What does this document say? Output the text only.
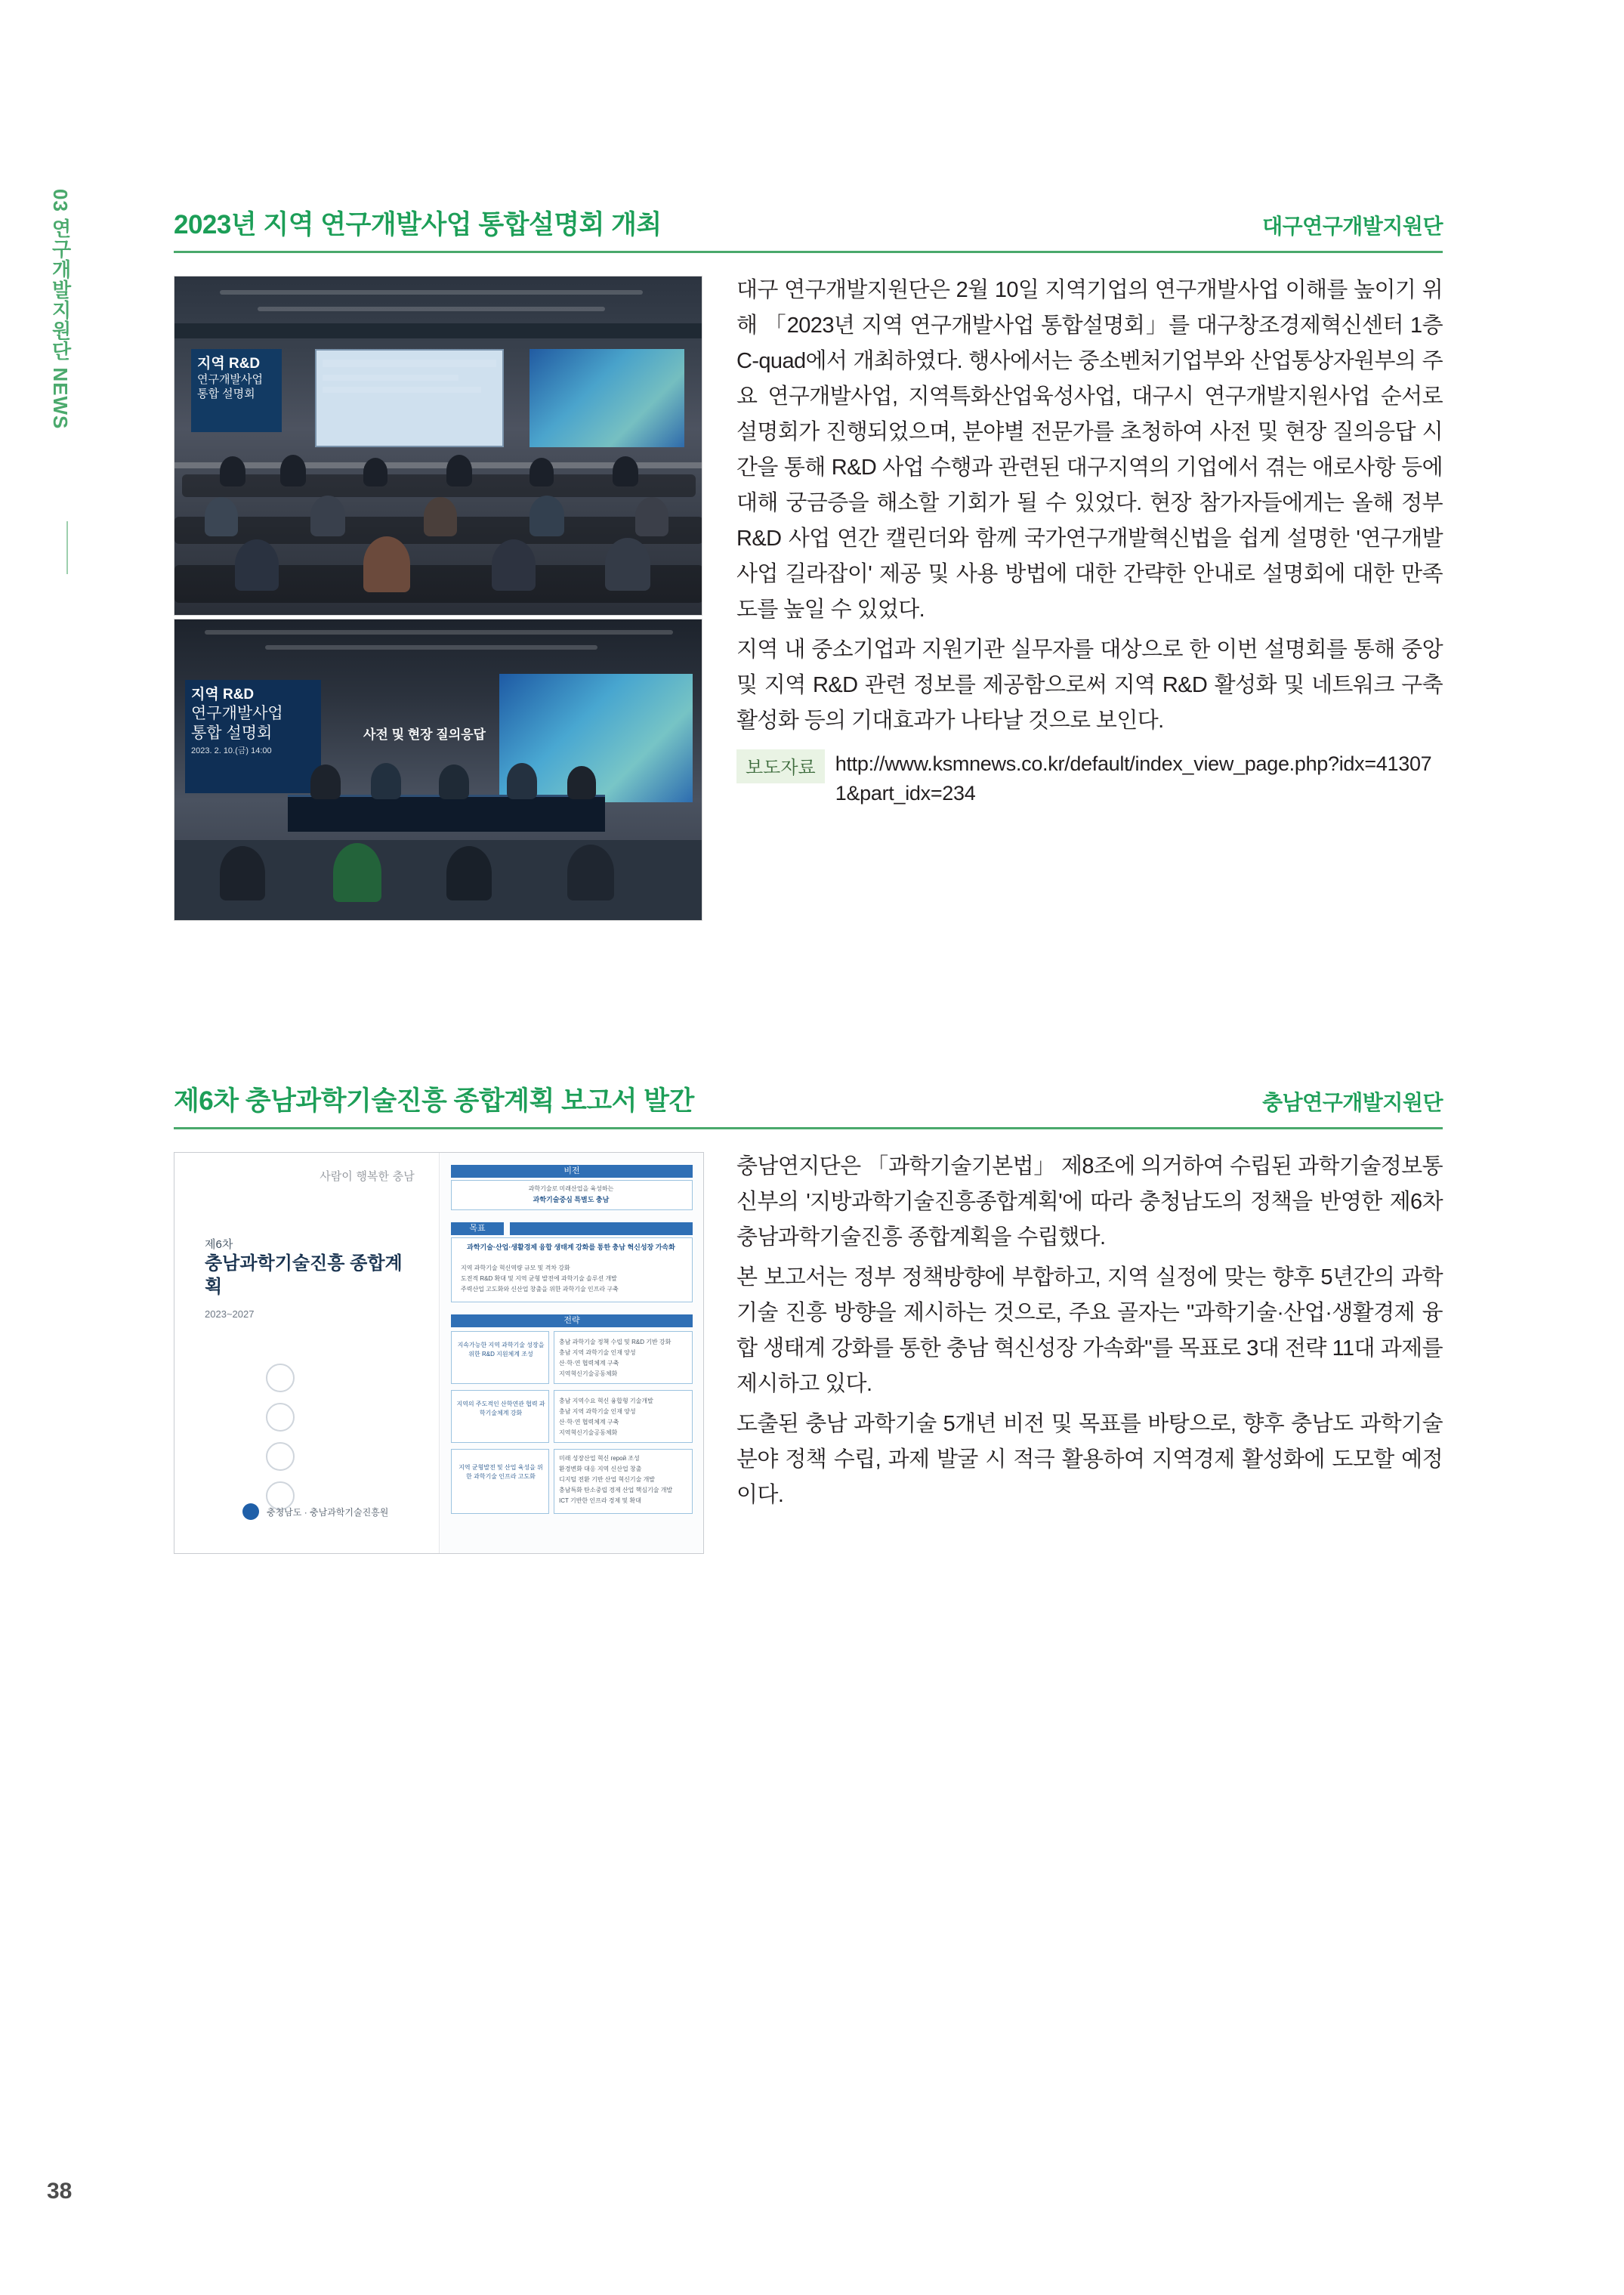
03 연구개발지원단 NEWS
38
2023년 지역 연구개발사업 통합설명회 개최	대구연구개발지원단
지역 R&D
연구개발사업
통합 설명회
지역 R&D
연구개발사업
통합 설명회
2023. 2. 10.(금) 14:00
사전 및 현장 질의응답

대구 연구개발지원단은 2월 10일 지역기업의 연구개발사업 이해를 높이기 위해 「2023년 지역 연구개발사업 통합설명회」를 대구창조경제혁신센터 1층 C-quad에서 개최하였다. 행사에서는 중소벤처기업부와 산업통상자원부의 주요 연구개발사업, 지역특화산업육성사업, 대구시 연구개발지원사업 순서로 설명회가 진행되었으며, 분야별 전문가를 초청하여 사전 및 현장 질의응답 시간을 통해 R&D 사업 수행과 관련된 대구지역의 기업에서 겪는 애로사항 등에 대해 궁금증을 해소할 기회가 될 수 있었다. 현장 참가자들에게는 올해 정부 R&D 사업 연간 캘린더와 함께 국가연구개발혁신법을 쉽게 설명한 '연구개발사업 길라잡이' 제공 및 사용 방법에 대한 간략한 안내로 설명회에 대한 만족도를 높일 수 있었다.

지역 내 중소기업과 지원기관 실무자를 대상으로 한 이번 설명회를 통해 중앙 및 지역 R&D 관련 정보를 제공함으로써 지역 R&D 활성화 및 네트워크 구축 활성화 등의 기대효과가 나타날 것으로 보인다.

보도자료 http://www.ksmnews.co.kr/default/index_view_page.php?idx=413071&part_idx=234
제6차 충남과학기술진흥 종합계획 보고서 발간	충남연구개발지원단
사람이 행복한 충남
제6차
충남과학기술진흥 종합계획
2023~2027
충청남도 · 충남과학기술진흥원
비전
과학기술로 미래산업을 육성하는
과학기술중심 특별도 충남
목표

과학기술·산업·생활경제 융합 생태계 강화를 통한 충남 혁신성장 가속화
지역 과학기술 혁신역량 규모 및 격차 강화
도전적 R&D 확대 및 지역 균형 발전에 과학기술 솔루션 개발
주력산업 고도화와 신산업 창출을 위한 과학기술 인프라 구축
전략
지속가능한 지역 과학기술 성장을 위한 R&D 지원체계 조성
충남 과학기술 정책 수립 및 R&D 기반 강화
충남 지역 과학기술 인재 양성
산·학·연 협력체계 구축
지역혁신기술공동체화
지역의 주도적인 산학연관 협력 과학기술체계 강화
충남 지역수요 혁신 융합형 기술개발
충남 지역 과학기술 인재 양성
산·학·연 협력체계 구축
지역혁신기술공동체화
지역 균형발전 및 산업 육성을 위한 과학기술 인프라 고도화
미래 성장산업 혁신 герой 조성
환경변화 대응 지역 신산업 창출
디지털 전환 기반 산업 혁신기술 개발
충남특화 탄소중립 경제 산업 핵심기술 개발
ICT 기반한 인프라 경제 및 확대

충남연지단은 「과학기술기본법」 제8조에 의거하여 수립된 과학기술정보통신부의 '지방과학기술진흥종합계획'에 따라 충청남도의 정책을 반영한 제6차 충남과학기술진흥 종합계획을 수립했다.

본 보고서는 정부 정책방향에 부합하고, 지역 실정에 맞는 향후 5년간의 과학기술 진흥 방향을 제시하는 것으로, 주요 골자는 "과학기술·산업·생활경제 융합 생태계 강화를 통한 충남 혁신성장 가속화"를 목표로 3대 전략 11대 과제를 제시하고 있다.

도출된 충남 과학기술 5개년 비전 및 목표를 바탕으로, 향후 충남도 과학기술분야 정책 수립, 과제 발굴 시 적극 활용하여 지역경제 활성화에 도모할 예정이다.
